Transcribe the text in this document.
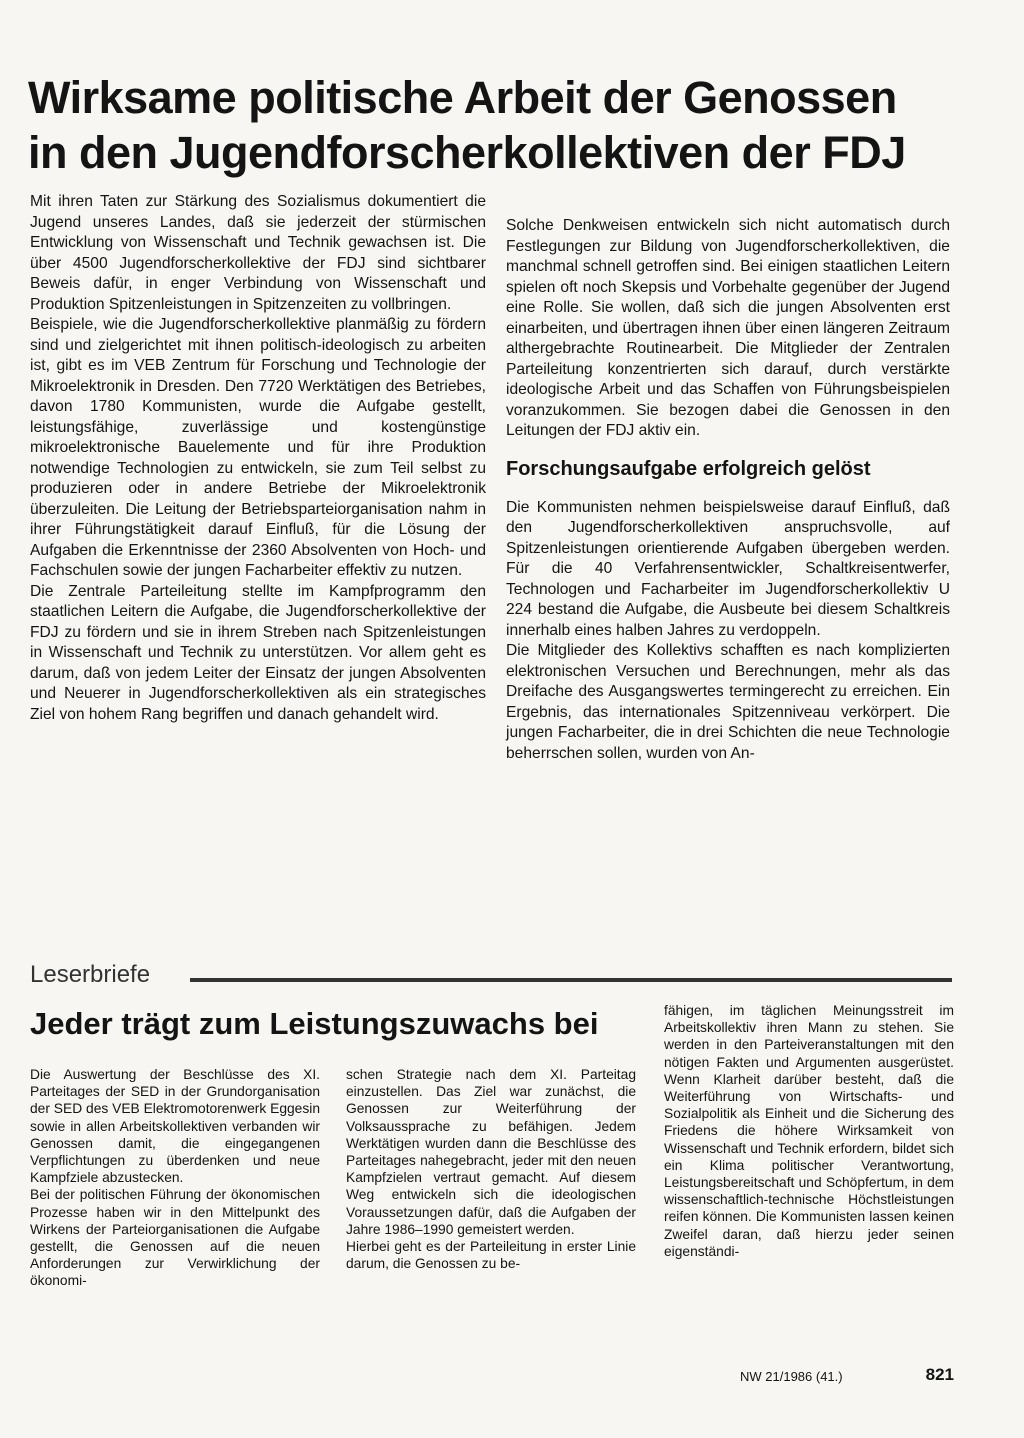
Wirksame politische Arbeit der Genossen
in den Jugendforscherkollektiven der FDJ

Mit ihren Taten zur Stärkung des Sozialismus dokumentiert die Jugend unseres Landes, daß sie jederzeit der stürmischen Entwicklung von Wissenschaft und Technik gewachsen ist. Die über 4500 Jugendforscherkollektive der FDJ sind sichtbarer Beweis dafür, in enger Verbindung von Wissenschaft und Produktion Spitzenleistungen in Spitzenzeiten zu vollbringen.

Beispiele, wie die Jugendforscherkollektive planmäßig zu fördern sind und zielgerichtet mit ihnen politisch-ideologisch zu arbeiten ist, gibt es im VEB Zentrum für Forschung und Technologie der Mikroelektronik in Dresden. Den 7720 Werktätigen des Betriebes, davon 1780 Kommunisten, wurde die Aufgabe gestellt, leistungsfähige, zuverlässige und kostengünstige mikroelektronische Bauelemente und für ihre Produktion notwendige Technologien zu entwickeln, sie zum Teil selbst zu produzieren oder in andere Betriebe der Mikroelektronik überzuleiten. Die Leitung der Betriebsparteiorganisation nahm in ihrer Führungstätigkeit darauf Einfluß, für die Lösung der Aufgaben die Erkenntnisse der 2360 Absolventen von Hoch- und Fachschulen sowie der jungen Facharbeiter effektiv zu nutzen.

Die Zentrale Parteileitung stellte im Kampfprogramm den staatlichen Leitern die Aufgabe, die Jugendforscherkollektive der FDJ zu fördern und sie in ihrem Streben nach Spitzenleistungen in Wissenschaft und Technik zu unterstützen. Vor allem geht es darum, daß von jedem Leiter der Einsatz der jungen Absolventen und Neuerer in Jugendforscherkollektiven als ein strategisches Ziel von hohem Rang begriffen und danach gehandelt wird.

Solche Denkweisen entwickeln sich nicht automatisch durch Festlegungen zur Bildung von Jugendforscherkollektiven, die manchmal schnell getroffen sind. Bei einigen staatlichen Leitern spielen oft noch Skepsis und Vorbehalte gegenüber der Jugend eine Rolle. Sie wollen, daß sich die jungen Absolventen erst einarbeiten, und übertragen ihnen über einen längeren Zeitraum althergebrachte Routinearbeit. Die Mitglieder der Zentralen Parteileitung konzentrierten sich darauf, durch verstärkte ideologische Arbeit und das Schaffen von Führungsbeispielen voranzukommen. Sie bezogen dabei die Genossen in den Leitungen der FDJ aktiv ein.

Forschungsaufgabe erfolgreich gelöst

Die Kommunisten nehmen beispielsweise darauf Einfluß, daß den Jugendforscherkollektiven anspruchsvolle, auf Spitzenleistungen orientierende Aufgaben übergeben werden. Für die 40 Verfahrensentwickler, Schaltkreisentwerfer, Technologen und Facharbeiter im Jugendforscherkollektiv U 224 bestand die Aufgabe, die Ausbeute bei diesem Schaltkreis innerhalb eines halben Jahres zu verdoppeln.

Die Mitglieder des Kollektivs schafften es nach komplizierten elektronischen Versuchen und Berechnungen, mehr als das Dreifache des Ausgangswertes termingerecht zu erreichen. Ein Ergebnis, das internationales Spitzenniveau verkörpert. Die jungen Facharbeiter, die in drei Schichten die neue Technologie beherrschen sollen, wurden von An-

Leserbriefe
Jeder trägt zum Leistungszuwachs bei

Die Auswertung der Beschlüsse des XI. Parteitages der SED in der Grundorganisation der SED des VEB Elektromotorenwerk Eggesin sowie in allen Arbeitskollektiven verbanden wir Genossen damit, die eingegangenen Verpflichtungen zu überdenken und neue Kampfziele abzustecken.

Bei der politischen Führung der ökonomischen Prozesse haben wir in den Mittelpunkt des Wirkens der Parteiorganisationen die Aufgabe gestellt, die Genossen auf die neuen Anforderungen zur Verwirklichung der ökonomi-

schen Strategie nach dem XI. Parteitag einzustellen. Das Ziel war zunächst, die Genossen zur Weiterführung der Volksaussprache zu befähigen. Jedem Werktätigen wurden dann die Beschlüsse des Parteitages nahegebracht, jeder mit den neuen Kampfzielen vertraut gemacht. Auf diesem Weg entwickeln sich die ideologischen Voraussetzungen dafür, daß die Aufgaben der Jahre 1986–1990 gemeistert werden.

Hierbei geht es der Parteileitung in erster Linie darum, die Genossen zu be-

fähigen, im täglichen Meinungsstreit im Arbeitskollektiv ihren Mann zu stehen. Sie werden in den Parteiveranstaltungen mit den nötigen Fakten und Argumenten ausgerüstet. Wenn Klarheit darüber besteht, daß die Weiterführung von Wirtschafts- und Sozialpolitik als Einheit und die Sicherung des Friedens die höhere Wirksamkeit von Wissenschaft und Technik erfordern, bildet sich ein Klima politischer Verantwortung, Leistungsbereitschaft und Schöpfertum, in dem wissenschaftlich-technische Höchstleistungen reifen können. Die Kommunisten lassen keinen Zweifel daran, daß hierzu jeder seinen eigenständi-

NW 21/1986 (41.)	821
